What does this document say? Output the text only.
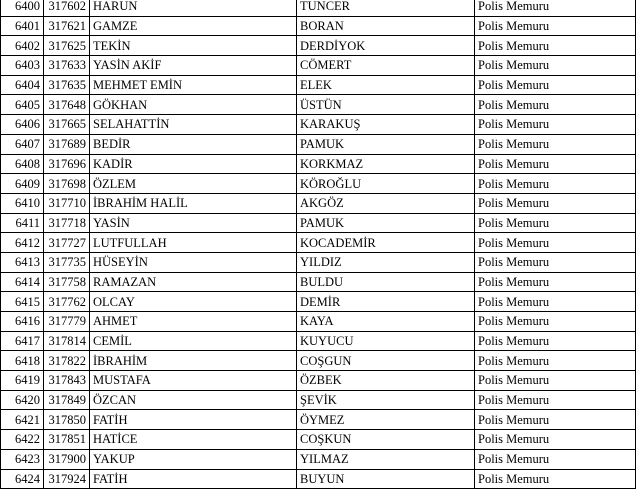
6400	317602	HARUN	TUNCER	Polis Memuru
6401	317621	GAMZE	BORAN	Polis Memuru
6402	317625	TEKİN	DERDİYOK	Polis Memuru
6403	317633	YASİN AKİF	CÖMERT	Polis Memuru
6404	317635	MEHMET EMİN	ELEK	Polis Memuru
6405	317648	GÖKHAN	ÜSTÜN	Polis Memuru
6406	317665	SELAHATTİN	KARAKUŞ	Polis Memuru
6407	317689	BEDİR	PAMUK	Polis Memuru
6408	317696	KADİR	KORKMAZ	Polis Memuru
6409	317698	ÖZLEM	KÖROĞLU	Polis Memuru
6410	317710	İBRAHİM HALİL	AKGÖZ	Polis Memuru
6411	317718	YASİN	PAMUK	Polis Memuru
6412	317727	LUTFULLAH	KOCADEMİR	Polis Memuru
6413	317735	HÜSEYİN	YILDIZ	Polis Memuru
6414	317758	RAMAZAN	BULDU	Polis Memuru
6415	317762	OLCAY	DEMİR	Polis Memuru
6416	317779	AHMET	KAYA	Polis Memuru
6417	317814	CEMİL	KUYUCU	Polis Memuru
6418	317822	İBRAHİM	COŞGUN	Polis Memuru
6419	317843	MUSTAFA	ÖZBEK	Polis Memuru
6420	317849	ÖZCAN	ŞEVİK	Polis Memuru
6421	317850	FATİH	ÖYMEZ	Polis Memuru
6422	317851	HATİCE	COŞKUN	Polis Memuru
6423	317900	YAKUP	YILMAZ	Polis Memuru
6424	317924	FATİH	BUYUN	Polis Memuru
